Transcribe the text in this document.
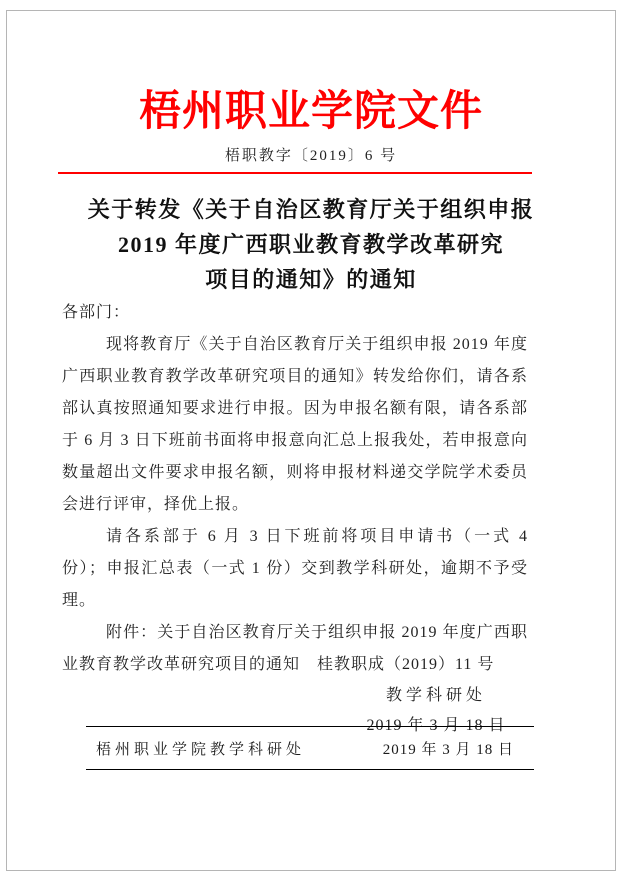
梧州职业学院文件
梧职教字〔2019〕6 号
关于转发《关于自治区教育厅关于组织申报
2019 年度广西职业教育教学改革研究
项目的通知》的通知

各部门：

现将教育厅《关于自治区教育厅关于组织申报 2019 年度广西职业教育教学改革研究项目的通知》转发给你们，请各系部认真按照通知要求进行申报。因为申报名额有限，请各系部于 6 月 3 日下班前书面将申报意向汇总上报我处，若申报意向数量超出文件要求申报名额，则将申报材料递交学院学术委员会进行评审，择优上报。

请各系部于 6 月 3 日下班前将项目申请书（一式 4 份）；申报汇总表（一式 1 份）交到教学科研处，逾期不予受理。

附件：关于自治区教育厅关于组织申报 2019 年度广西职业教育教学改革研究项目的通知　桂教职成（2019）11 号

教学科研处
2019 年 3 月 18 日
梧州职业学院教学科研处	2019 年 3 月 18 日
